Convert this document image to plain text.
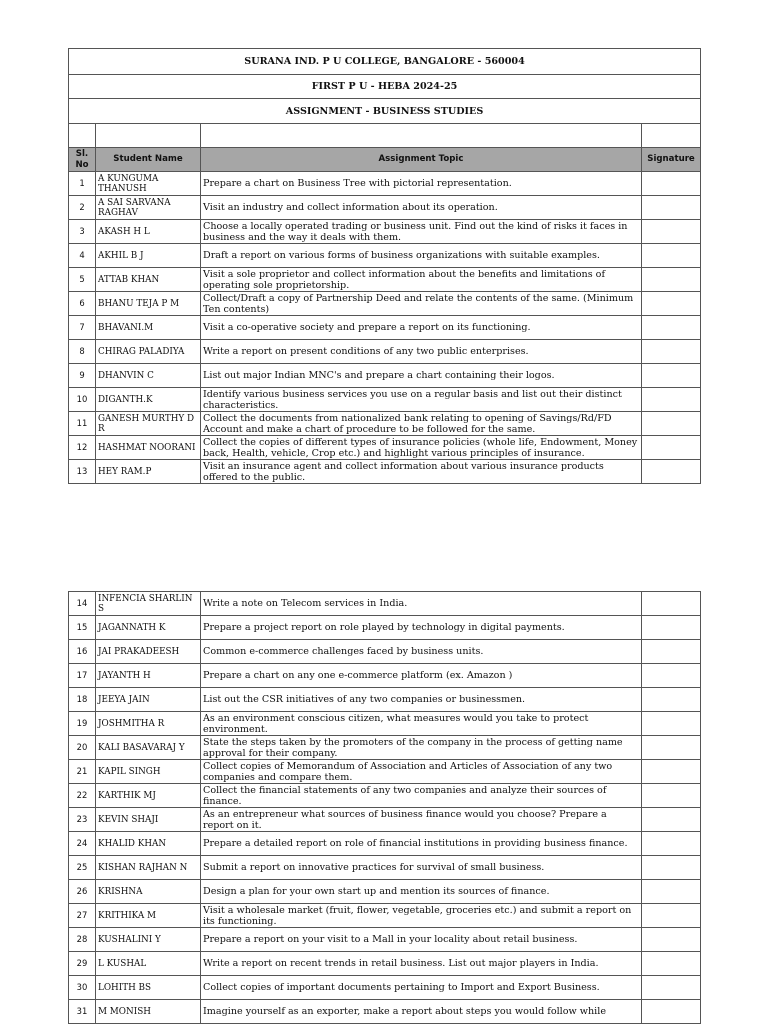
SURANA IND. P U COLLEGE, BANGALORE - 560004			
FIRST P U - HEBA 2024-25			
ASSIGNMENT - BUSINESS STUDIES			

Sl. No	Student Name	Assignment Topic	Signature
1	A KUNGUMA THANUSH	Prepare a chart on Business Tree with pictorial representation.	
2	A SAI SARVANA RAGHAV	Visit an industry and collect information about its operation.	
3	AKASH H L	Choose a locally operated trading or business unit. Find out the kind of risks it faces in business and the way it deals with them.	
4	AKHIL B J	Draft a report on various forms of business organizations with suitable examples.	
5	ATTAB KHAN	Visit a sole proprietor and collect information about the benefits and limitations of operating sole proprietorship.	
6	BHANU TEJA P M	Collect/Draft a copy of Partnership Deed and relate the contents of the same. (Minimum Ten contents)	
7	BHAVANI.M	Visit a co-operative society and prepare a report on its functioning.	
8	CHIRAG PALADIYA	Write a report on present conditions of any two public enterprises.	
9	DHANVIN C	List out major Indian MNC's and prepare a chart containing their logos.	
10	DIGANTH.K	Identify various business services you use on a regular basis and list out their distinct characteristics.	
11	GANESH MURTHY D R	Collect the documents from nationalized bank relating to opening of Savings/Rd/FD Account and make a chart of procedure to be followed for the same.	
12	HASHMAT NOORANI	Collect the copies of different types of insurance policies (whole life, Endowment, Money back, Health, vehicle, Crop etc.) and highlight various principles of insurance.	
13	HEY RAM.P	Visit an insurance agent and collect information about various insurance products offered to the public.	
14	INFENCIA SHARLIN S	Write a note on Telecom services in India.	
15	JAGANNATH K	Prepare a project report on role played by technology in digital payments.	
16	JAI PRAKADEESH	Common e-commerce challenges faced by business units.	
17	JAYANTH H	Prepare a chart on any one e-commerce platform (ex. Amazon )	
18	JEEYA JAIN	List out the CSR initiatives of any two companies or businessmen.	
19	JOSHMITHA R	As an environment conscious citizen, what measures would you take to protect environment.	
20	KALI BASAVARAJ Y	State the steps taken by the promoters of the company in the process of getting name approval for their company.	
21	KAPIL SINGH	Collect copies of Memorandum of Association and Articles of Association of any two companies and compare them.	
22	KARTHIK MJ	Collect the financial statements of any two companies and analyze their sources of finance.	
23	KEVIN SHAJI	As an entrepreneur what sources of business finance would you choose? Prepare a report on it.	
24	KHALID KHAN	Prepare a detailed report on role of financial institutions in providing business finance.	
25	KISHAN RAJHAN N	Submit a report on innovative practices for survival of small business.	
26	KRISHNA	Design a plan for your own start up and mention its sources of finance.	
27	KRITHIKA M	Visit a wholesale market (fruit, flower, vegetable, groceries etc.) and submit a report on its functioning.	
28	KUSHALINI Y	Prepare a report on your visit to a Mall in your locality about retail business.	
29	L KUSHAL	Write a report on recent trends in retail business. List out major players in India.	
30	LOHITH BS	Collect copies of important documents pertaining to Import and Export Business.	
31	M MONISH	Imagine yourself as an exporter, make a report about steps you would follow while	
